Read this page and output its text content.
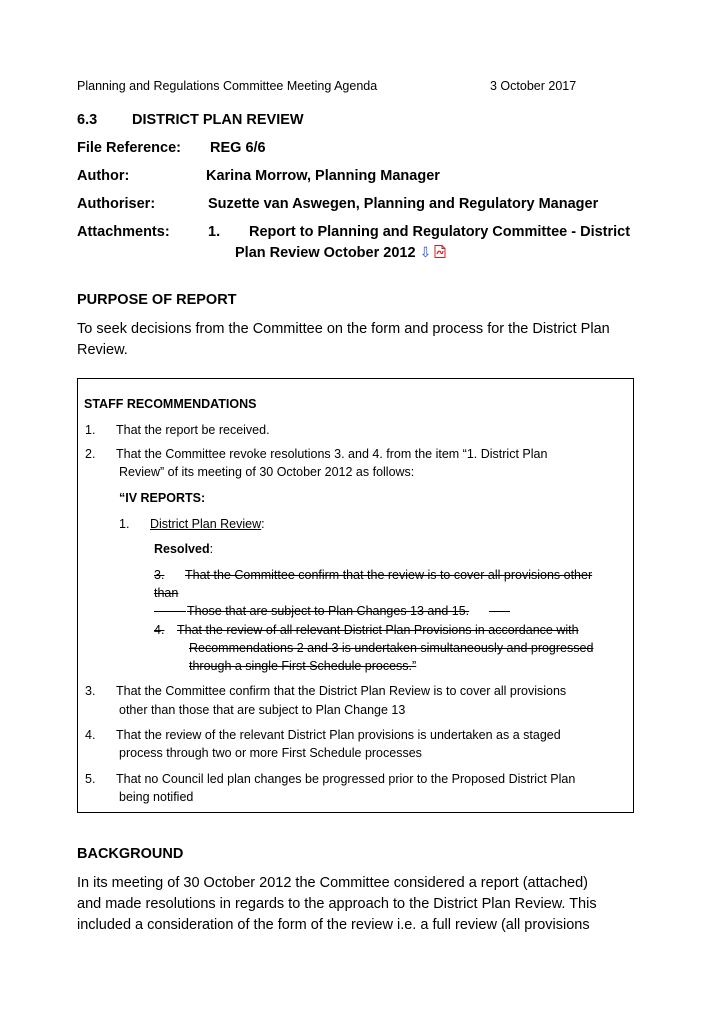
Planning and Regulations Committee Meeting Agenda	3 October 2017
6.3 DISTRICT PLAN REVIEW
File Reference: REG 6/6
Author:	Karina Morrow, Planning Manager
Authoriser:	Suzette van Aswegen, Planning and Regulatory Manager
Attachments:	1. Report to Planning and Regulatory Committee - District
Plan Review October 2012 ⇩
PURPOSE OF REPORT
To seek decisions from the Committee on the form and process for the District Plan
Review.
STAFF RECOMMENDATIONS
1. That the report be received.
2. That the Committee revoke resolutions 3. and 4. from the item “1. District Plan
Review” of its meeting of 30 October 2012 as follows:
“IV REPORTS:
1. District Plan Review:
Resolved:
3. That the Committee confirm that the review is to cover all provisions other
than
Those that are subject to Plan Changes 13 and 15.
4. That the review of all relevant District Plan Provisions in accordance with
Recommendations 2 and 3 is undertaken simultaneously and progressed
through a single First Schedule process.”
3. That the Committee confirm that the District Plan Review is to cover all provisions
other than those that are subject to Plan Change 13
4. That the review of the relevant District Plan provisions is undertaken as a staged
process through two or more First Schedule processes
5. That no Council led plan changes be progressed prior to the Proposed District Plan
being notified
BACKGROUND
In its meeting of 30 October 2012 the Committee considered a report (attached)
and made resolutions in regards to the approach to the District Plan Review. This
included a consideration of the form of the review i.e. a full review (all provisions
